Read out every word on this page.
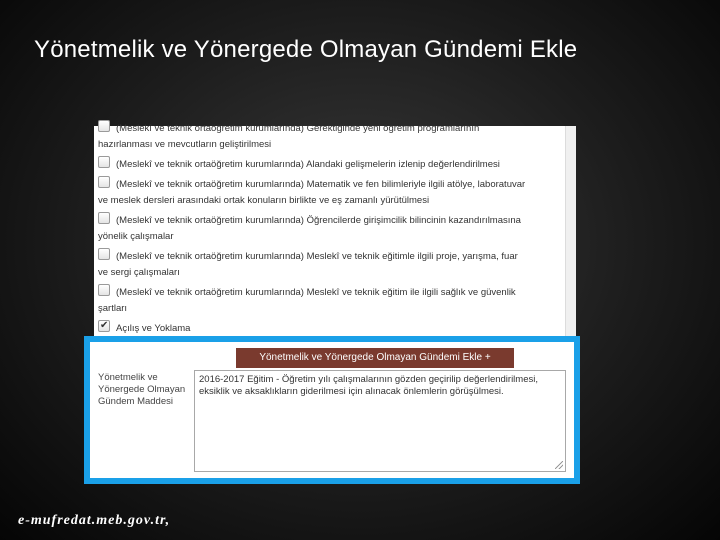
Yönetmelik ve Yönergede Olmayan Gündemi Ekle
(Meslekî ve teknik ortaöğretim kurumlarında) Gerektiğinde yeni öğretim programlarının
hazırlanması ve mevcutların geliştirilmesi
(Meslekî ve teknik ortaöğretim kurumlarında) Alandaki gelişmelerin izlenip değerlendirilmesi
(Meslekî ve teknik ortaöğretim kurumlarında) Matematik ve fen bilimleriyle ilgili atölye, laboratuvar
ve meslek dersleri arasındaki ortak konuların birlikte ve eş zamanlı yürütülmesi
(Meslekî ve teknik ortaöğretim kurumlarında) Öğrencilerde girişimcilik bilincinin kazandırılmasına
yönelik çalışmalar
(Meslekî ve teknik ortaöğretim kurumlarında) Meslekî ve teknik eğitimle ilgili proje, yarışma, fuar
ve sergi çalışmaları
(Meslekî ve teknik ortaöğretim kurumlarında) Meslekî ve teknik eğitim ile ilgili sağlık ve güvenlik
şartları
✔Açılış ve Yoklama
✔
✔
Yönetmelik ve Yönergede Olmayan Gündemi Ekle +
Yönetmelik ve Yönergede Olmayan Gündem Maddesi
2016-2017 Eğitim - Öğretim yılı çalışmalarının gözden geçirilip değerlendirilmesi, eksiklik ve aksaklıkların giderilmesi için alınacak önlemlerin görüşülmesi.
e-mufredat.meb.gov.tr,
